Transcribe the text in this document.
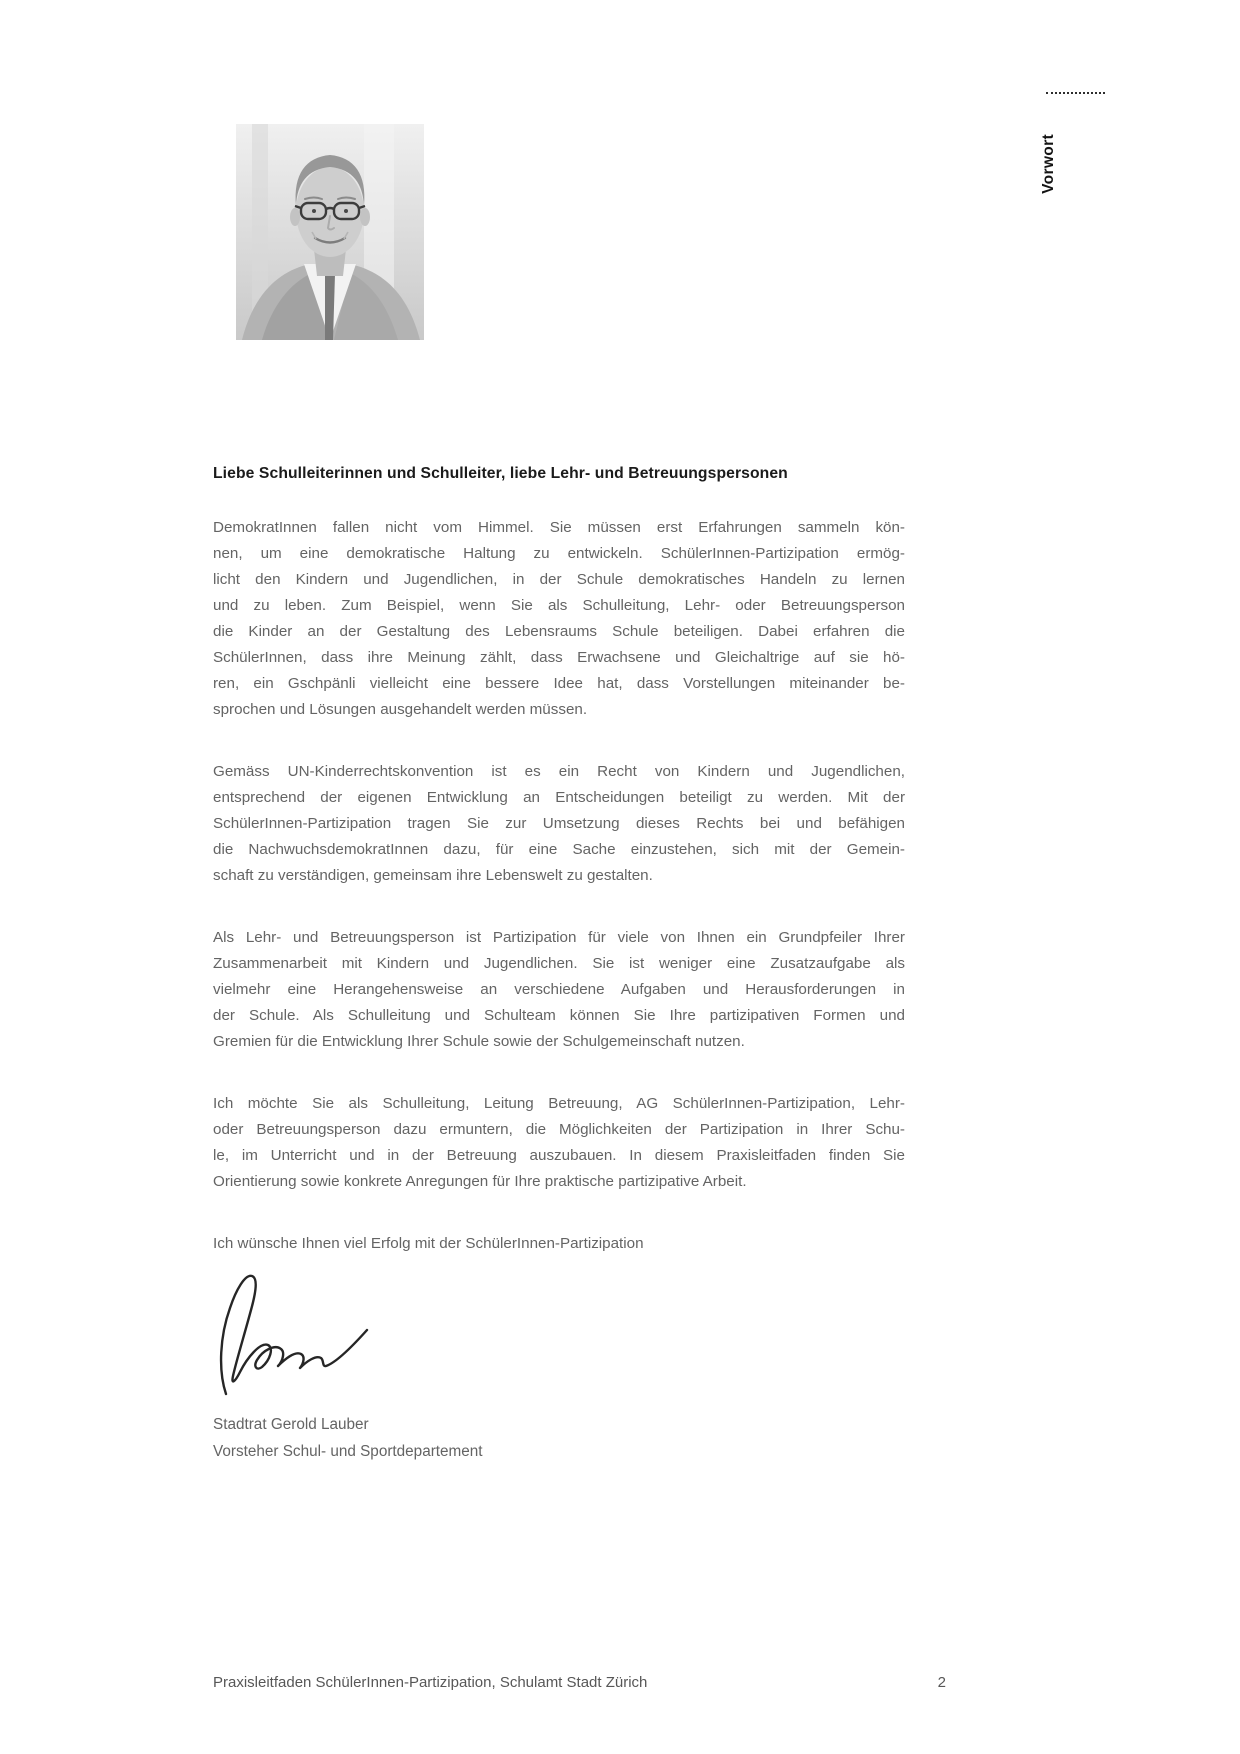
Vorwort
Liebe Schulleiterinnen und Schulleiter, liebe Lehr- und Betreuungspersonen
DemokratInnen fallen nicht vom Himmel. Sie müssen erst Erfahrungen sammeln kön-
nen, um eine demokratische Haltung zu entwickeln. SchülerInnen-Partizipation ermög-
licht den Kindern und Jugendlichen, in der Schule demokratisches Handeln zu lernen
und zu leben. Zum Beispiel, wenn Sie als Schulleitung, Lehr- oder Betreuungsperson
die Kinder an der Gestaltung des Lebensraums Schule beteiligen. Dabei erfahren die
SchülerInnen, dass ihre Meinung zählt, dass Erwachsene und Gleichaltrige auf sie hö-
ren, ein Gschpänli vielleicht eine bessere Idee hat, dass Vorstellungen miteinander be-
sprochen und Lösungen ausgehandelt werden müssen.
Gemäss UN-Kinderrechtskonvention ist es ein Recht von Kindern und Jugendlichen,
entsprechend der eigenen Entwicklung an Entscheidungen beteiligt zu werden. Mit der
SchülerInnen-Partizipation tragen Sie zur Umsetzung dieses Rechts bei und befähigen
die NachwuchsdemokratInnen dazu, für eine Sache einzustehen, sich mit der Gemein-
schaft zu verständigen, gemeinsam ihre Lebenswelt zu gestalten.
Als Lehr- und Betreuungsperson ist Partizipation für viele von Ihnen ein Grundpfeiler Ihrer
Zusammenarbeit mit Kindern und Jugendlichen. Sie ist weniger eine Zusatzaufgabe als
vielmehr eine Herangehensweise an verschiedene Aufgaben und Herausforderungen in
der Schule. Als Schulleitung und Schulteam können Sie Ihre partizipativen Formen und
Gremien für die Entwicklung Ihrer Schule sowie der Schulgemeinschaft nutzen.
Ich möchte Sie als Schulleitung, Leitung Betreuung, AG SchülerInnen-Partizipation, Lehr-
oder Betreuungsperson dazu ermuntern, die Möglichkeiten der Partizipation in Ihrer Schu-
le, im Unterricht und in der Betreuung auszubauen. In diesem Praxisleitfaden finden Sie
Orientierung sowie konkrete Anregungen für Ihre praktische partizipative Arbeit.
Ich wünsche Ihnen viel Erfolg mit der SchülerInnen-Partizipation
Stadtrat Gerold Lauber
Vorsteher Schul- und Sportdepartement
Praxisleitfaden SchülerInnen-Partizipation, Schulamt Stadt Zürich	2
